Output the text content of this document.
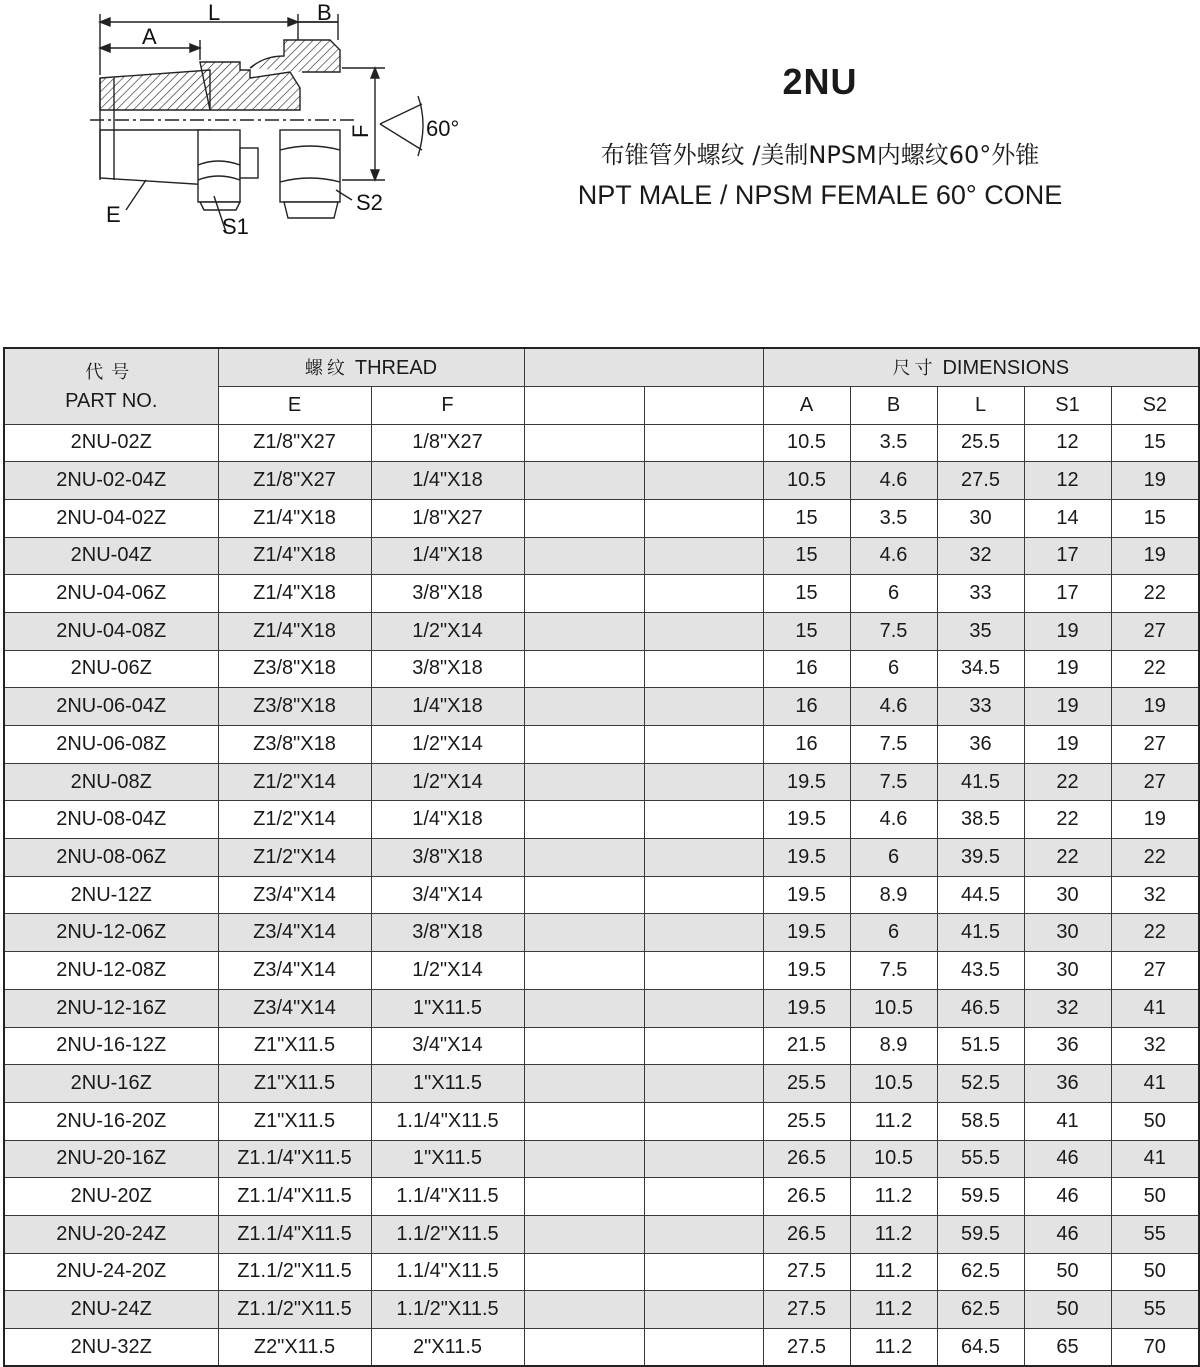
L	B
A
F 60°
E	S1
S2
2NU
布锥管外螺纹 /美制NPSM内螺纹60°外锥
NPT MALE / NPSM FEMALE 60° CONE
代号
PART NO.	螺纹 THREAD				尺寸 DIMENSIONS				
	E	F			A	B	L	S1	S2
2NU-02Z	Z1/8"X27	1/8"X27			10.5	3.5	25.5	12	15
2NU-02-04Z	Z1/8"X27	1/4"X18			10.5	4.6	27.5	12	19
2NU-04-02Z	Z1/4"X18	1/8"X27			15	3.5	30	14	15
2NU-04Z	Z1/4"X18	1/4"X18			15	4.6	32	17	19
2NU-04-06Z	Z1/4"X18	3/8"X18			15	6	33	17	22
2NU-04-08Z	Z1/4"X18	1/2"X14			15	7.5	35	19	27
2NU-06Z	Z3/8"X18	3/8"X18			16	6	34.5	19	22
2NU-06-04Z	Z3/8"X18	1/4"X18			16	4.6	33	19	19
2NU-06-08Z	Z3/8"X18	1/2"X14			16	7.5	36	19	27
2NU-08Z	Z1/2"X14	1/2"X14			19.5	7.5	41.5	22	27
2NU-08-04Z	Z1/2"X14	1/4"X18			19.5	4.6	38.5	22	19
2NU-08-06Z	Z1/2"X14	3/8"X18			19.5	6	39.5	22	22
2NU-12Z	Z3/4"X14	3/4"X14			19.5	8.9	44.5	30	32
2NU-12-06Z	Z3/4"X14	3/8"X18			19.5	6	41.5	30	22
2NU-12-08Z	Z3/4"X14	1/2"X14			19.5	7.5	43.5	30	27
2NU-12-16Z	Z3/4"X14	1"X11.5			19.5	10.5	46.5	32	41
2NU-16-12Z	Z1"X11.5	3/4"X14			21.5	8.9	51.5	36	32
2NU-16Z	Z1"X11.5	1"X11.5			25.5	10.5	52.5	36	41
2NU-16-20Z	Z1"X11.5	1.1/4"X11.5			25.5	11.2	58.5	41	50
2NU-20-16Z	Z1.1/4"X11.5	1"X11.5			26.5	10.5	55.5	46	41
2NU-20Z	Z1.1/4"X11.5	1.1/4"X11.5			26.5	11.2	59.5	46	50
2NU-20-24Z	Z1.1/4"X11.5	1.1/2"X11.5			26.5	11.2	59.5	46	55
2NU-24-20Z	Z1.1/2"X11.5	1.1/4"X11.5			27.5	11.2	62.5	50	50
2NU-24Z	Z1.1/2"X11.5	1.1/2"X11.5			27.5	11.2	62.5	50	55
2NU-32Z	Z2"X11.5	2"X11.5			27.5	11.2	64.5	65	70
